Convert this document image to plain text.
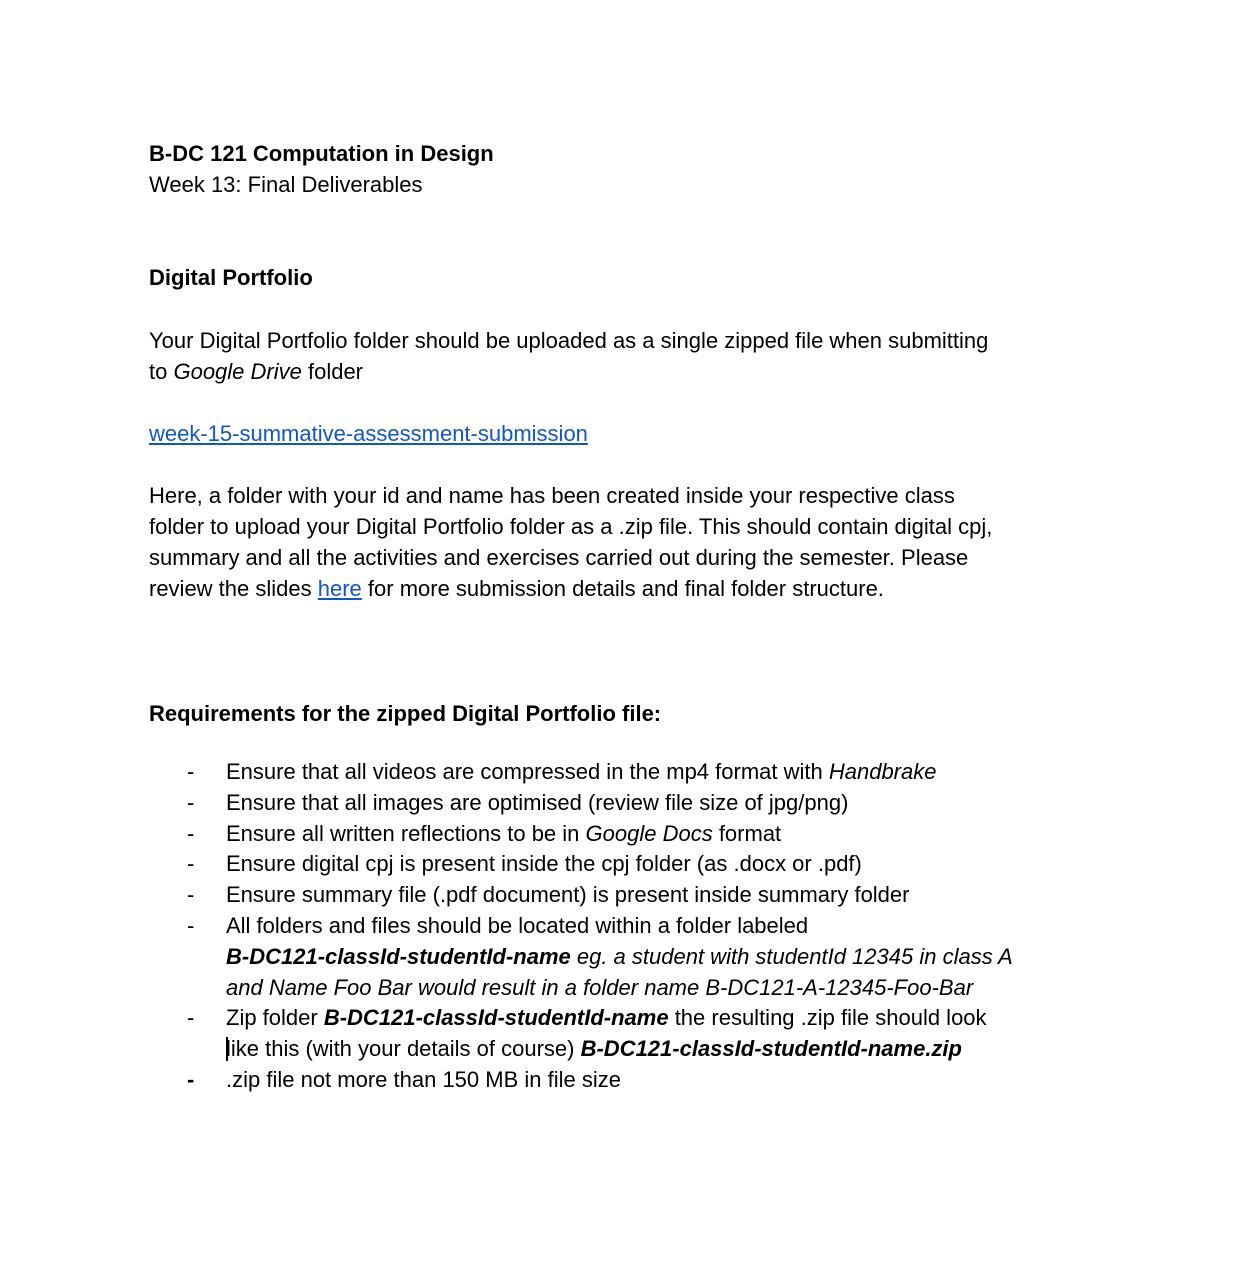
B-DC 121 Computation in Design
Week 13: Final Deliverables
Digital Portfolio
Your Digital Portfolio folder should be uploaded as a single zipped file when submitting
to Google Drive folder
week-15-summative-assessment-submission
Here, a folder with your id and name has been created inside your respective class
folder to upload your Digital Portfolio folder as a .zip file. This should contain digital cpj,
summary and all the activities and exercises carried out during the semester. Please
review the slides here for more submission details and final folder structure.
Requirements for the zipped Digital Portfolio file:
- Ensure that all videos are compressed in the mp4 format with Handbrake
- Ensure that all images are optimised (review file size of jpg/png)
- Ensure all written reflections to be in Google Docs format
- Ensure digital cpj is present inside the cpj folder (as .docx or .pdf)
- Ensure summary file (.pdf document) is present inside summary folder
- All folders and files should be located within a folder labeled
B-DC121-classId-studentId-name eg. a student with studentId 12345 in class A
and Name Foo Bar would result in a folder name B-DC121-A-12345-Foo-Bar
- Zip folder B-DC121-classId-studentId-name the resulting .zip file should look
like this (with your details of course) B-DC121-classId-studentId-name.zip
- .zip file not more than 150 MB in file size
